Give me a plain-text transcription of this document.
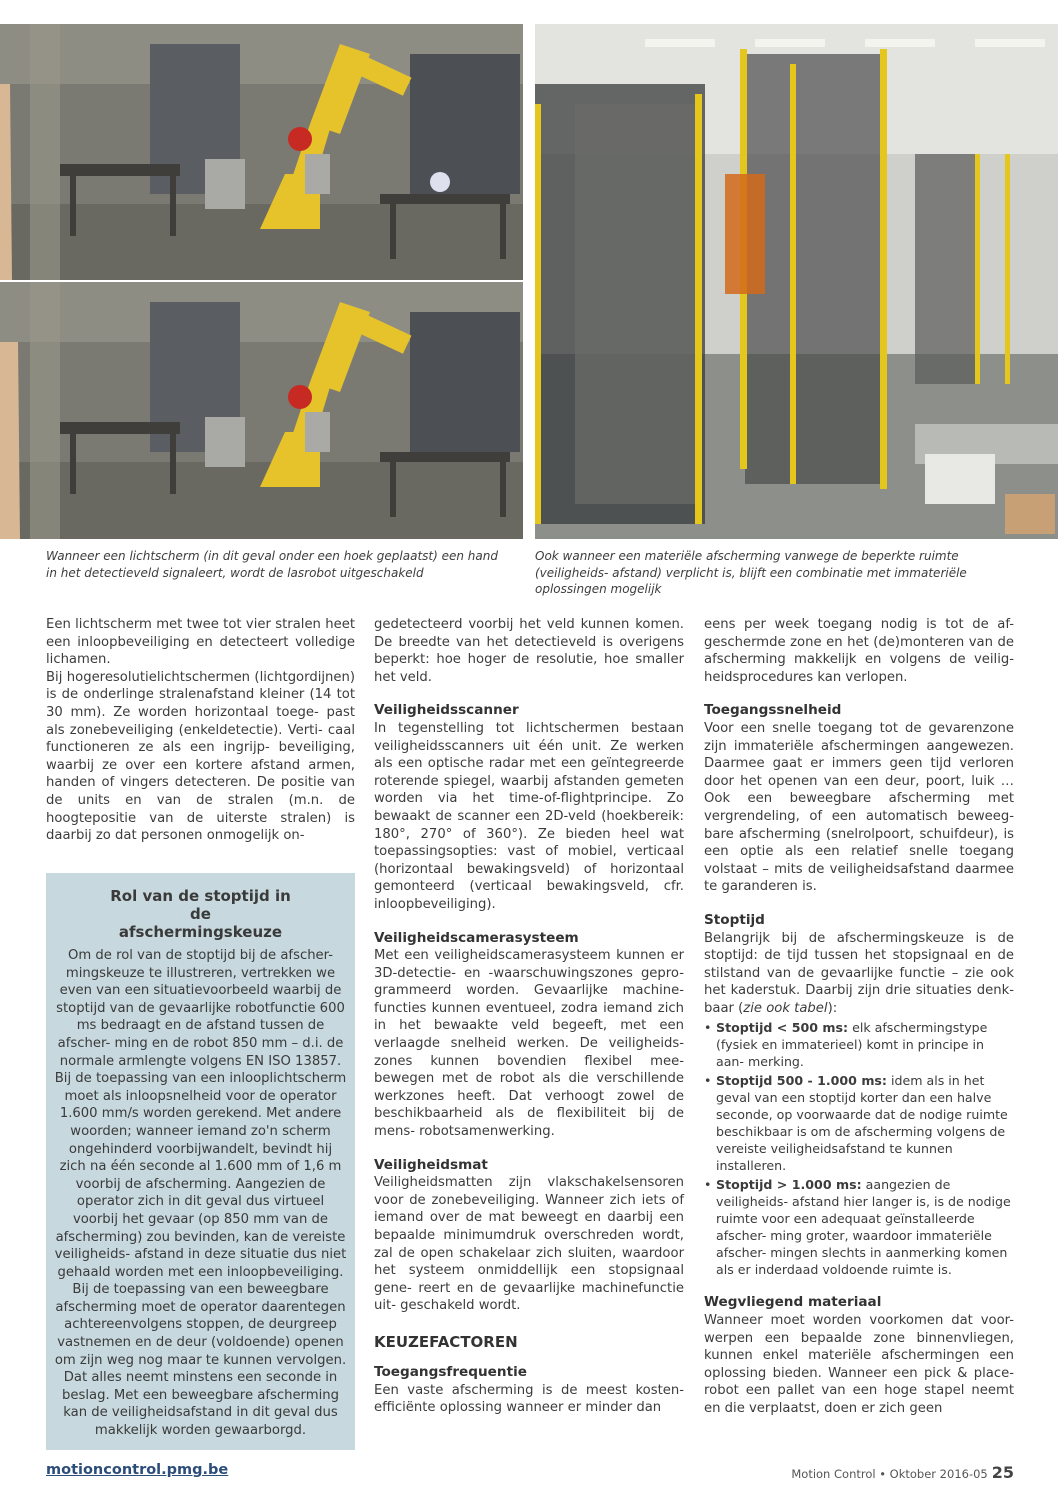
Wanneer een lichtscherm (in dit geval onder een hoek geplaatst) een hand in het detectieveld signaleert, wordt de lasrobot uitgeschakeld
Ook wanneer een materiële afscherming vanwege de beperkte ruimte (veiligheids- afstand) verplicht is, blijft een combinatie met immateriële oplossingen mogelijk

Een lichtscherm met twee tot vier stralen heet een inloopbeveiliging en detecteert volledige lichamen.

Bij hogeresolutielichtschermen (lichtgordijnen) is de onderlinge stralenafstand kleiner (14 tot 30 mm). Ze worden horizontaal toege- past als zonebeveiliging (enkeldetectie). Verti- caal functioneren ze als een ingrijp- beveiliging, waarbij ze over een kortere afstand armen, handen of vingers detecteren. De positie van de units en van de stralen (m.n. de hoogtepositie van de uiterste stralen) is daarbij zo dat personen onmogelijk on-

Rol van de stoptijd in de afschermingskeuze

Om de rol van de stoptijd bij de afscher- mingskeuze te illustreren, vertrekken we even van een situatievoorbeeld waarbij de stoptijd van de gevaarlijke robotfunctie 600 ms bedraagt en de afstand tussen de afscher- ming en de robot 850 mm – d.i. de normale armlengte volgens EN ISO 13857.

Bij de toepassing van een inlooplichtscherm moet als inloopsnelheid voor de operator 1.600 mm/s worden gerekend. Met andere woorden; wanneer iemand zo'n scherm ongehinderd voorbijwandelt, bevindt hij zich na één seconde al 1.600 mm of 1,6 m voorbij de afscherming. Aangezien de operator zich in dit geval dus virtueel voorbij het gevaar (op 850 mm van de afscherming) zou bevinden, kan de vereiste veiligheids- afstand in deze situatie dus niet gehaald worden met een inloopbeveiliging.

Bij de toepassing van een beweegbare afscherming moet de operator daarentegen achtereenvolgens stoppen, de deurgreep vastnemen en de deur (voldoende) openen om zijn weg nog maar te kunnen vervolgen. Dat alles neemt minstens een seconde in beslag. Met een beweegbare afscherming kan de veiligheidsafstand in dit geval dus makkelijk worden gewaarborgd.

gedetecteerd voorbij het veld kunnen komen. De breedte van het detectieveld is overigens beperkt: hoe hoger de resolutie, hoe smaller het veld.

Veiligheidsscanner

In tegenstelling tot lichtschermen bestaan veiligheidsscanners uit één unit. Ze werken als een optische radar met een geïntegreerde roterende spiegel, waarbij afstanden gemeten worden via het time-of-flightprincipe. Zo bewaakt de scanner een 2D-veld (hoekbereik: 180°, 270° of 360°). Ze bieden heel wat toepassingsopties: vast of mobiel, verticaal (horizontaal bewakingsveld) of horizontaal gemonteerd (verticaal bewakingsveld, cfr. inloopbeveiliging).

Veiligheidscamerasysteem

Met een veiligheidscamerasysteem kunnen er 3D-detectie- en -waarschuwingszones gepro- grammeerd worden. Gevaarlijke machine- functies kunnen eventueel, zodra iemand zich in het bewaakte veld begeeft, met een verlaagde snelheid werken. De veiligheids- zones kunnen bovendien flexibel mee- bewegen met de robot als die verschillende werkzones heeft. Dat verhoogt zowel de beschikbaarheid als de flexibiliteit bij de mens- robotsamenwerking.

Veiligheidsmat

Veiligheidsmatten zijn vlakschakelsensoren voor de zonebeveiliging. Wanneer zich iets of iemand over de mat beweegt en daarbij een bepaalde minimumdruk overschreden wordt, zal de open schakelaar zich sluiten, waardoor het systeem onmiddellijk een stopsignaal gene- reert en de gevaarlijke machinefunctie uit- geschakeld wordt.

KEUZEFACTOREN
Toegangsfrequentie

Een vaste afscherming is de meest kosten- efficiënte oplossing wanneer er minder dan

eens per week toegang nodig is tot de af- geschermde zone en het (de)monteren van de afscherming makkelijk en volgens de veilig- heidsprocedures kan verlopen.

Toegangssnelheid

Voor een snelle toegang tot de gevarenzone zijn immateriële afschermingen aangewezen. Daarmee gaat er immers geen tijd verloren door het openen van een deur, poort, luik … Ook een beweegbare afscherming met vergrendeling, of een automatisch beweeg- bare afscherming (snelrolpoort, schuifdeur), is een optie als een relatief snelle toegang volstaat – mits de veiligheidsafstand daarmee te garanderen is.

Stoptijd

Belangrijk bij de afschermingskeuze is de stoptijd: de tijd tussen het stopsignaal en de stilstand van de gevaarlijke functie – zie ook het kaderstuk. Daarbij zijn drie situaties denk- baar (zie ook tabel):

• Stoptijd < 500 ms: elk afschermingstype (fysiek en immaterieel) komt in principe in aan- merking.
• Stoptijd 500 - 1.000 ms: idem als in het geval van een stoptijd korter dan een halve seconde, op voorwaarde dat de nodige ruimte beschikbaar is om de afscherming volgens de vereiste veiligheidsafstand te kunnen installeren.
• Stoptijd > 1.000 ms: aangezien de veiligheids- afstand hier langer is, is de nodige ruimte voor een adequaat geïnstalleerde afscher- ming groter, waardoor immateriële afscher- mingen slechts in aanmerking komen als er inderdaad voldoende ruimte is.
Wegvliegend materiaal

Wanneer moet worden voorkomen dat voor- werpen een bepaalde zone binnenvliegen, kunnen enkel materiële afschermingen een oplossing bieden. Wanneer een pick & place- robot een pallet van een hoge stapel neemt en die verplaatst, doen er zich geen

motioncontrol.pmg.be	Motion Control • Oktober 2016-05 25
